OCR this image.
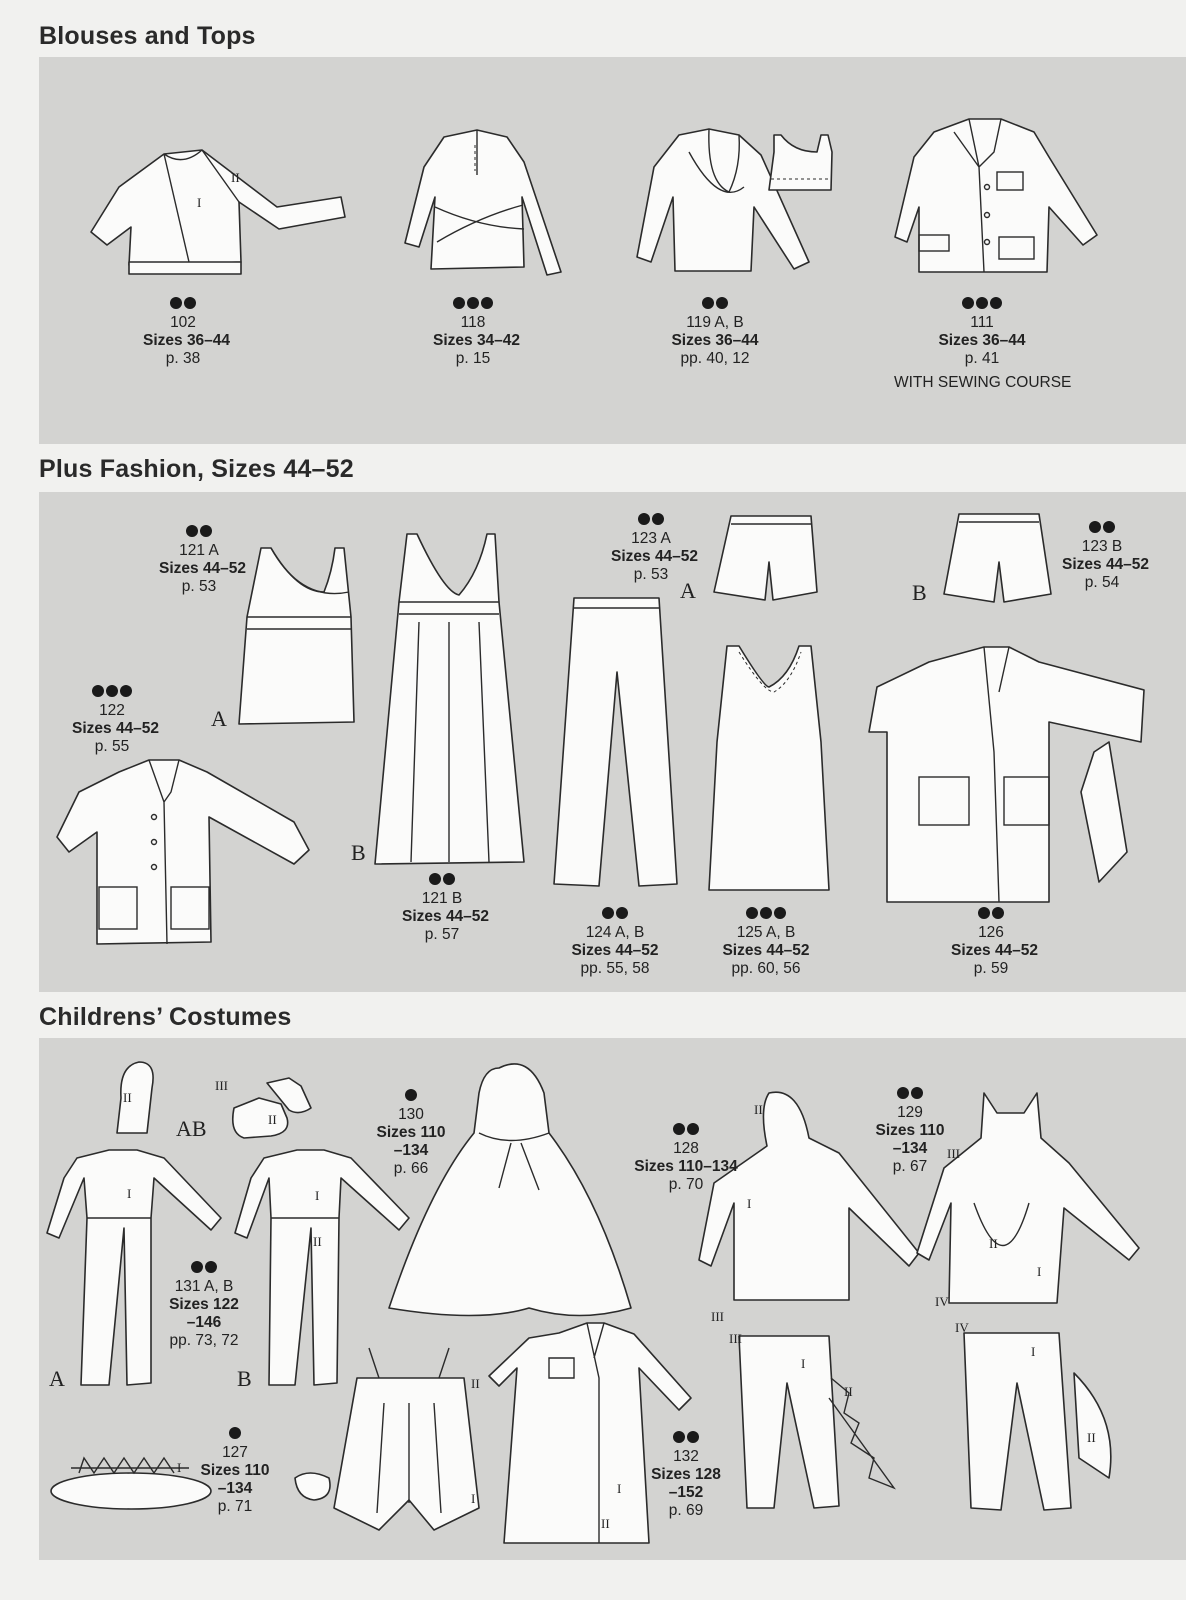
Blouses and Tops
I
II
102
Sizes 36–44
p. 38
118
Sizes 34–42
p. 15
119 A, B
Sizes 36–44
pp. 40, 12
111
Sizes 36–44
p. 41
WITH SEWING COURSE
Plus Fashion, Sizes 44–52
A
B
A	B
121 A
Sizes 44–52
p. 53
122
Sizes 44–52
p. 55
121 B
Sizes 44–52
p. 57
123 A
Sizes 44–52
p. 53
123 B
Sizes 44–52
p. 54
124 A, B
Sizes 44–52
pp. 55, 58
125 A, B
Sizes 44–52
pp. 60, 56
126
Sizes 44–52
p. 59
Childrens’ Costumes
II
III
II
AB
I
A
I
II
B	II
I
I
I
II
II
I
III
III
I
II
III
II
I
IV
IV
I
II
130
Sizes 110
–134
p. 66
128
Sizes 110–134
p. 70
129
Sizes 110
–134
p. 67
131 A, B
Sizes 122
–146
pp. 73, 72
127
Sizes 110
–134
p. 71
132
Sizes 128
–152
p. 69
